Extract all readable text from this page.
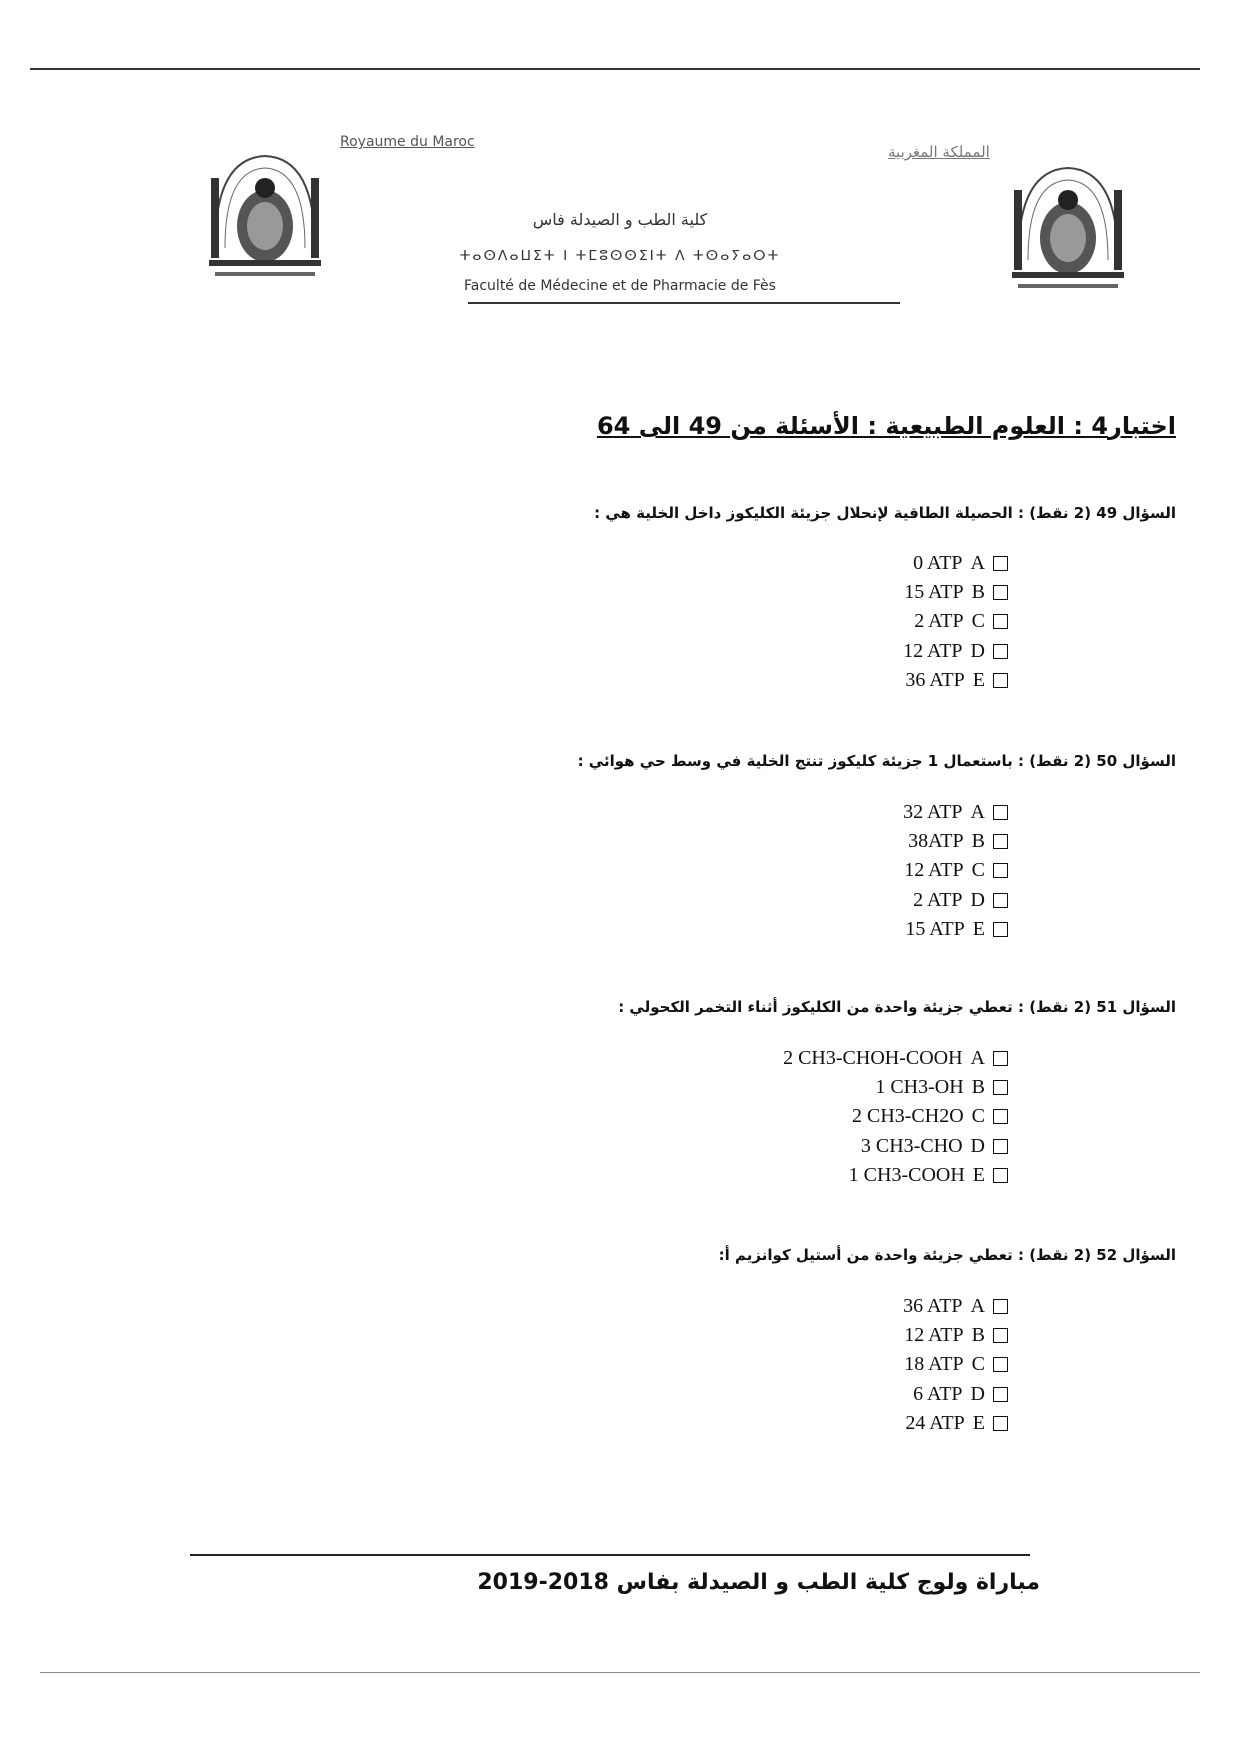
Royaume du Maroc
المملكة المغربية
كلية الطب و الصيدلة فاس
ⵜⴰⵙⴷⴰⵡⵉⵜ ⵏ ⵜⵎⵓⵙⵙⵉⵏⵜ ⴷ ⵜⵙⴰⵢⴰⵔⵜ
Faculté de Médecine et de Pharmacie de Fès
اختبار4 : العلوم الطبيعية : الأسئلة من 49 الى 64
السؤال 49 (2 نقط) : الحصيلة الطاقية لإنحلال جزيئة الكليكوز داخل الخلية هي :
0 ATP A
15 ATP B
2 ATP C
12 ATP D
36 ATP E
السؤال 50 (2 نقط) : باستعمال 1 جزيئة كليكوز تنتج الخلية في وسط حي هوائي :
32 ATP A
38ATP B
12 ATP C
2 ATP D
15 ATP E
السؤال 51 (2 نقط) : تعطي جزيئة واحدة من الكليكوز أثناء التخمر الكحولي :
2 CH3-CHOH-COOH A
1 CH3-OH B
2 CH3-CH2O C
3 CH3-CHO D
1 CH3-COOH E
السؤال 52 (2 نقط) : تعطي جزيئة واحدة من أستيل كوانزيم أ:
36 ATP A
12 ATP B
18 ATP C
6 ATP D
24 ATP E
مباراة ولوج كلية الطب و الصيدلة بفاس 2018-2019
